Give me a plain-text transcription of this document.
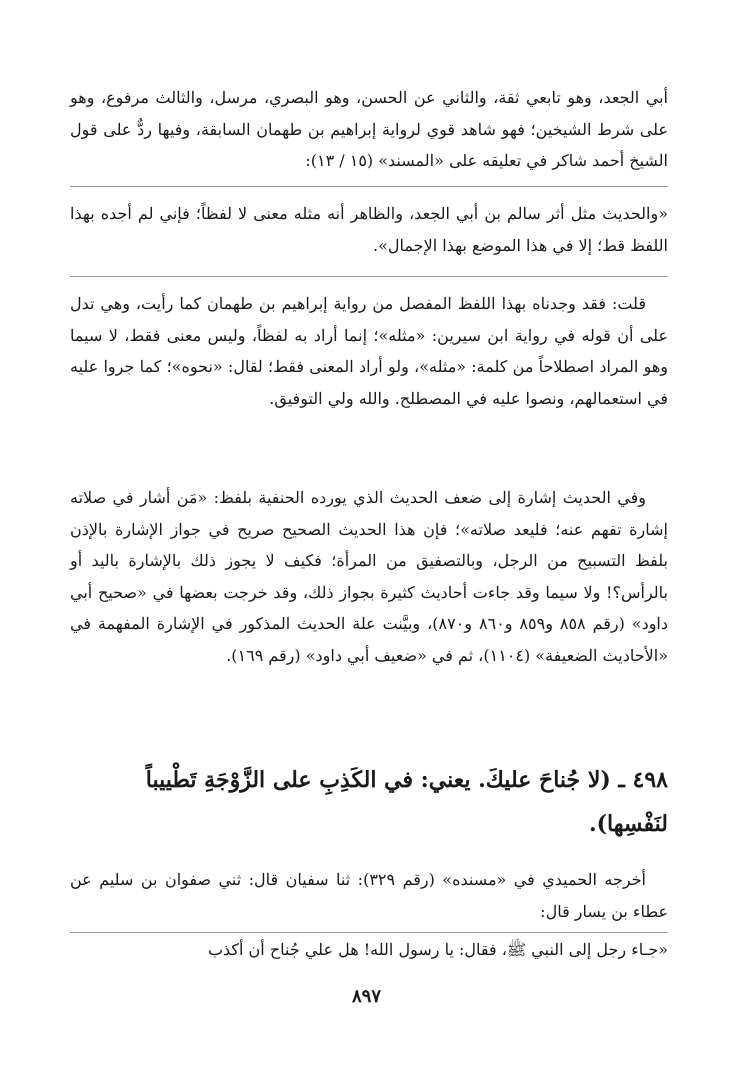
أبي الجعد، وهو تابعي ثقة، والثاني عن الحسن، وهو البصري، مرسل، والثالث مرفوع، وهو على شرط الشيخين؛ فهو شاهد قوي لرواية إبراهيم بن طهمان السابقة، وفيها ردٌّ على قول الشيخ أحمد شاكر في تعليقه على «المسند» (١٥ / ١٣):

«والحديث مثل أثر سالم بن أبي الجعد، والظاهر أنه مثله معنى لا لفظاً؛ فإني لم أجده بهذا اللفظ قط؛ إلا في هذا الموضع بهذا الإجمال».

قلت: فقد وجدناه بهذا اللفظ المفصل من رواية إبراهيم بن طهمان كما رأيت، وهي تدل على أن قوله في رواية ابن سيرين: «مثله»؛ إنما أراد به لفظاً، وليس معنى فقط، لا سيما وهو المراد اصطلاحاً من كلمة: «مثله»، ولو أراد المعنى فقط؛ لقال: «نحوه»؛ كما جروا عليه في استعمالهم، ونصوا عليه في المصطلح. والله ولي التوفيق.

وفي الحديث إشارة إلى ضعف الحديث الذي يورده الحنفية بلفظ: «مَن أشار في صلاته إشارة تفهم عنه؛ فليعد صلاته»؛ فإن هذا الحديث الصحيح صريح في جواز الإشارة بالإذن بلفظ التسبيح من الرجل، وبالتصفيق من المرأة؛ فكيف لا يجوز ذلك بالإشارة باليد أو بالرأس؟! ولا سيما وقد جاءت أحاديث كثيرة بجواز ذلك، وقد خرجت بعضها في «صحيح أبي داود» (رقم ٨٥٨ و٨٥٩ و٨٦٠ و٨٧٠)، وبيَّنت علة الحديث المذكور في الإشارة المفهمة في «الأحاديث الضعيفة» (١١٠٤)، ثم في «ضعيف أبي داود» (رقم ١٦٩).

٤٩٨ ـ (لا جُناحَ عليكَ. يعني: في الكَذِبِ على الزَّوْجَةِ تَطْييباً لنَفْسِها).

أخرجه الحميدي في «مسنده» (رقم ٣٢٩): ثنا سفيان قال: ثني صفوان بن سليم عن عطاء بن يسار قال:

«جـاء رجل إلى النبي ﷺ، فقال: يا رسول الله! هل علي جُناح أن أكذب

٨٩٧
